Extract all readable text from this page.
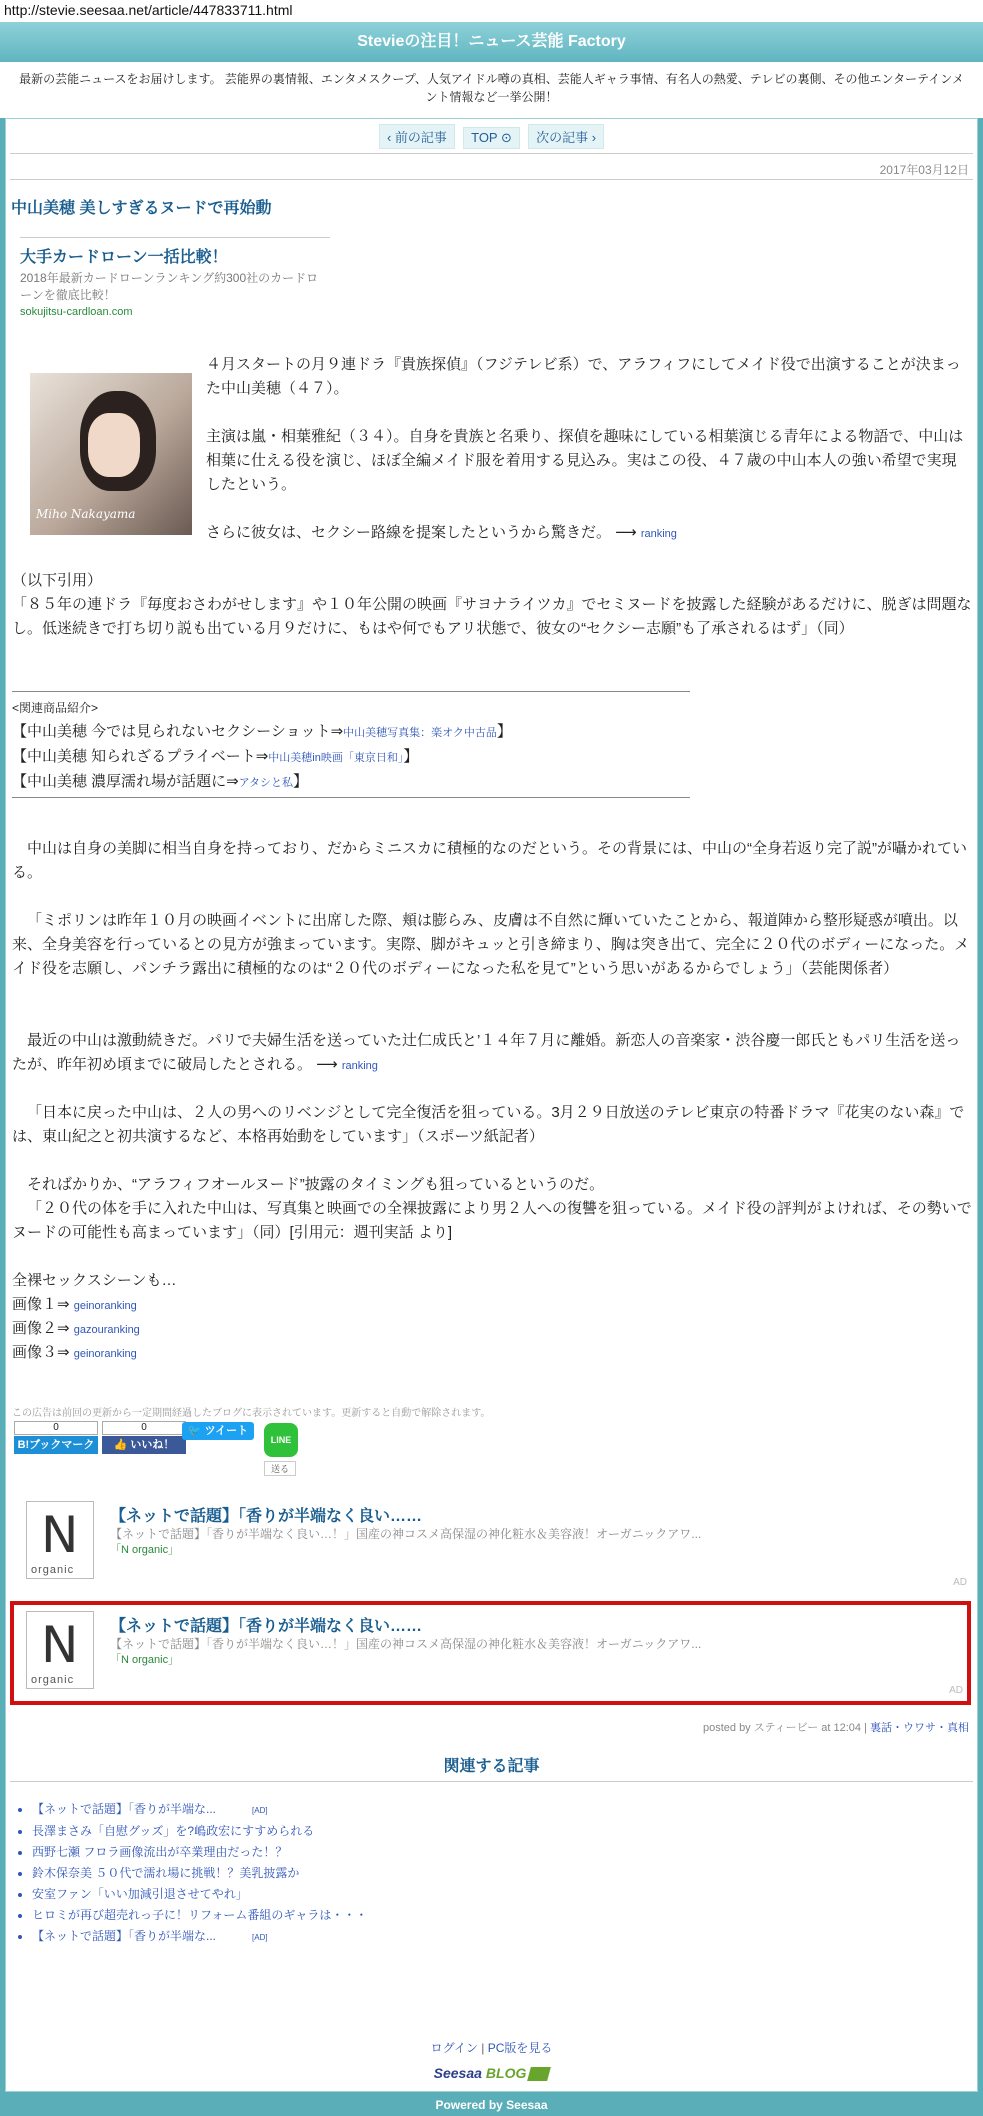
http://stevie.seesaa.net/article/447833711.html
Stevieの注目！ニュース芸能 Factory
最新の芸能ニュースをお届けします。 芸能界の裏情報、エンタメスクープ、人気アイドル噂の真相、芸能人ギャラ事情、有名人の熱愛、テレビの裏側、その他エンターテインメント情報など一挙公開！
‹ 前の記事 TOP ⊙ 次の記事 ›
2017年03月12日
中山美穂 美しすぎるヌードで再始動
大手カードローン一括比較！
2018年最新カードローンランキング約300社のカードローンを徹底比較！
sokujitsu-cardloan.com
Miho Nakayama
４月スタートの月９連ドラ『貴族探偵』（フジテレビ系）で、アラフィフにしてメイド役で出演することが決まった中山美穂（４７）。
主演は嵐・相葉雅紀（３４）。自身を貴族と名乗り、探偵を趣味にしている相葉演じる青年による物語で、中山は相葉に仕える役を演じ、ほぼ全編メイド服を着用する見込み。実はこの役、４７歳の中山本人の強い希望で実現したという。
さらに彼女は、セクシー路線を提案したというから驚きだ。 ⟶ ranking
（以下引用）
「８５年の連ドラ『毎度おさわがせします』や１０年公開の映画『サヨナライツカ』でセミヌードを披露した経験があるだけに、脱ぎは問題なし。低迷続きで打ち切り説も出ている月９だけに、もはや何でもアリ状態で、彼女の“セクシー志願”も了承されるはず」（同）
<関連商品紹介>
【中山美穂 今では見られないセクシーショット⇒中山美穂写真集：楽オク中古品】
【中山美穂 知られざるプライベート⇒中山美穂in映画「東京日和」】
【中山美穂 濃厚濡れ場が話題に⇒アタシと私】
中山は自身の美脚に相当自身を持っており、だからミニスカに積極的なのだという。その背景には、中山の“全身若返り完了説”が囁かれている。
「ミポリンは昨年１０月の映画イベントに出席した際、頬は膨らみ、皮膚は不自然に輝いていたことから、報道陣から整形疑惑が噴出。以来、全身美容を行っているとの見方が強まっています。実際、脚がキュッと引き締まり、胸は突き出て、完全に２０代のボディーになった。メイド役を志願し、パンチラ露出に積極的なのは“２０代のボディーになった私を見て”という思いがあるからでしょう」（芸能関係者）
最近の中山は激動続きだ。パリで夫婦生活を送っていた辻仁成氏と’１４年７月に離婚。新恋人の音楽家・渋谷慶一郎氏ともパリ生活を送ったが、昨年初め頃までに破局したとされる。 ⟶ ranking
「日本に戻った中山は、２人の男へのリベンジとして完全復活を狙っている。3月２９日放送のテレビ東京の特番ドラマ『花実のない森』では、東山紀之と初共演するなど、本格再始動をしています」（スポーツ紙記者）
そればかりか、“アラフィフオールヌード”披露のタイミングも狙っているというのだ。
「２０代の体を手に入れた中山は、写真集と映画での全裸披露により男２人への復讐を狙っている。メイド役の評判がよければ、その勢いでヌードの可能性も高まっています」（同）[引用元：週刊実話 より]
全裸セックスシーンも…
画像１⇒ geinoranking
画像２⇒ gazouranking
画像３⇒ geinoranking
この広告は前回の更新から一定期間経過したブログに表示されています。更新すると自動で解除されます。
0
B!ブックマーク
0
👍 いいね！
🐦 ツイート
LINE
送る
N
organic
【ネットで話題】「香りが半端なく良い……
【ネットで話題】「香りが半端なく良い…！」国産の神コスメ高保湿の神化粧水＆美容液！オーガニックアワ...
「N organic」
AD
N
organic
【ネットで話題】「香りが半端なく良い……
【ネットで話題】「香りが半端なく良い…！」国産の神コスメ高保湿の神化粧水＆美容液！オーガニックアワ...
「N organic」
AD
posted by スティービー at 12:04 | 裏話・ウワサ・真相
関連する記事
• 【ネットで話題】「香りが半端な...	[AD]
• 長澤まさみ「自慰グッズ」を?嶋政宏にすすめられる
• 西野七瀬 フロラ画像流出が卒業理由だった！？
• 鈴木保奈美 ５０代で濡れ場に挑戦！？美乳披露か
• 安室ファン「いい加減引退させてやれ」
• ヒロミが再び超売れっ子に！リフォーム番組のギャラは・・・
• 【ネットで話題】「香りが半端な...	[AD]
ログイン | PC版を見る
Seesaa BLOG
Powered by Seesaa
